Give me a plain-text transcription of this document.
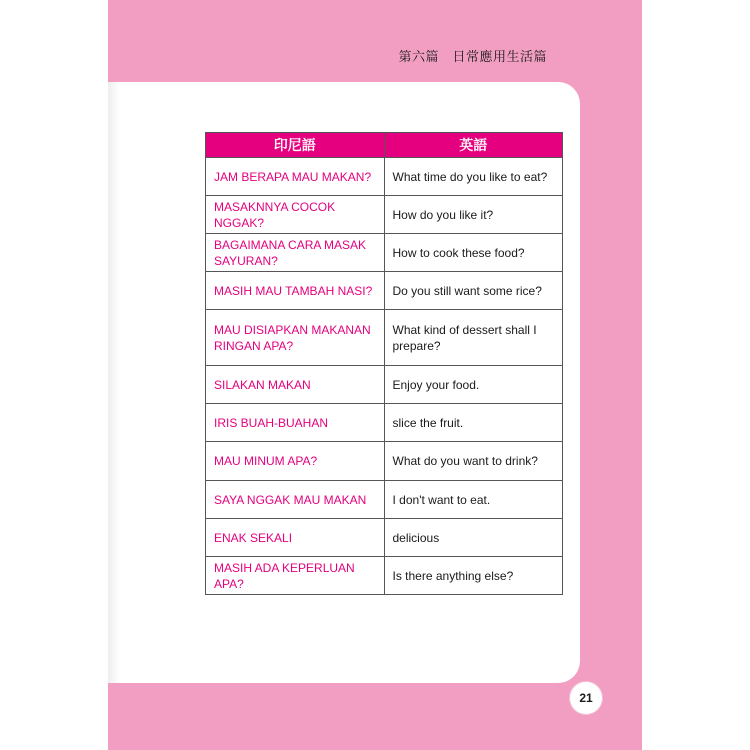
第六篇　日常應用生活篇
印尼語	英語
JAM BERAPA MAU MAKAN?	What time do you like to eat?
MASAKNNYA COCOK NGGAK?	How do you like it?
BAGAIMANA CARA MASAK SAYURAN?	How to cook these food?
MASIH MAU TAMBAH NASI?	Do you still want some rice?
MAU DISIAPKAN MAKANAN RINGAN APA?	What kind of dessert shall I prepare?
SILAKAN MAKAN	Enjoy your food.
IRIS BUAH-BUAHAN	slice the fruit.
MAU MINUM APA?	What do you want to drink?
SAYA NGGAK MAU MAKAN	I don't want to eat.
ENAK SEKALI	delicious
MASIH ADA KEPERLUAN APA?	Is there anything else?
21
